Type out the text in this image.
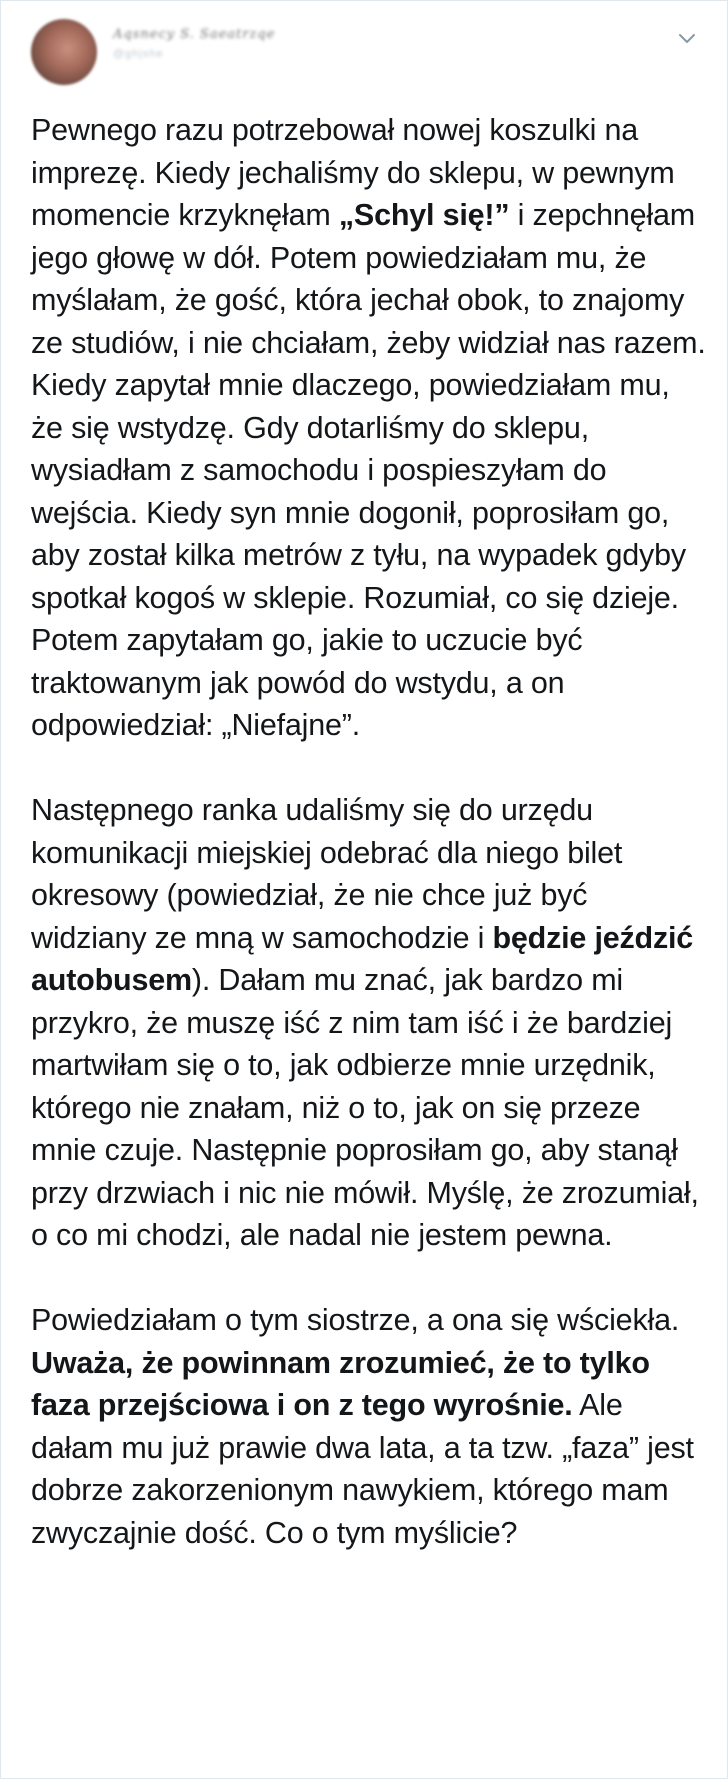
Aqsnecy S. Saeatrzqe
@ghjshe

Pewnego razu potrzebował nowej koszulki na imprezę. Kiedy jechaliśmy do sklepu, w pewnym momencie krzyknęłam „Schyl się!” i zepchnęłam jego głowę w dół. Potem powiedziałam mu, że myślałam, że gość, która jechał obok, to znajomy ze studiów, i nie chciałam, żeby widział nas razem. Kiedy zapytał mnie dlaczego, powiedziałam mu, że się wstydzę. Gdy dotarliśmy do sklepu, wysiadłam z samochodu i pospieszyłam do wejścia. Kiedy syn mnie dogonił, poprosiłam go, aby został kilka metrów z tyłu, na wypadek gdyby spotkał kogoś w sklepie. Rozumiał, co się dzieje. Potem zapytałam go, jakie to uczucie być traktowanym jak powód do wstydu, a on odpowiedział: „Niefajne”.

Następnego ranka udaliśmy się do urzędu komunikacji miejskiej odebrać dla niego bilet okresowy (powiedział, że nie chce już być widziany ze mną w samochodzie i będzie jeździć autobusem). Dałam mu znać, jak bardzo mi przykro, że muszę iść z nim tam iść i że bardziej martwiłam się o to, jak odbierze mnie urzędnik, którego nie znałam, niż o to, jak on się przeze mnie czuje. Następnie poprosiłam go, aby stanął przy drzwiach i nic nie mówił. Myślę, że zrozumiał, o co mi chodzi, ale nadal nie jestem pewna.

Powiedziałam o tym siostrze, a ona się wściekła. Uważa, że powinnam zrozumieć, że to tylko faza przejściowa i on z tego wyrośnie. Ale dałam mu już prawie dwa lata, a ta tzw. „faza” jest dobrze zakorzenionym nawykiem, którego mam zwyczajnie dość. Co o tym myślicie?
